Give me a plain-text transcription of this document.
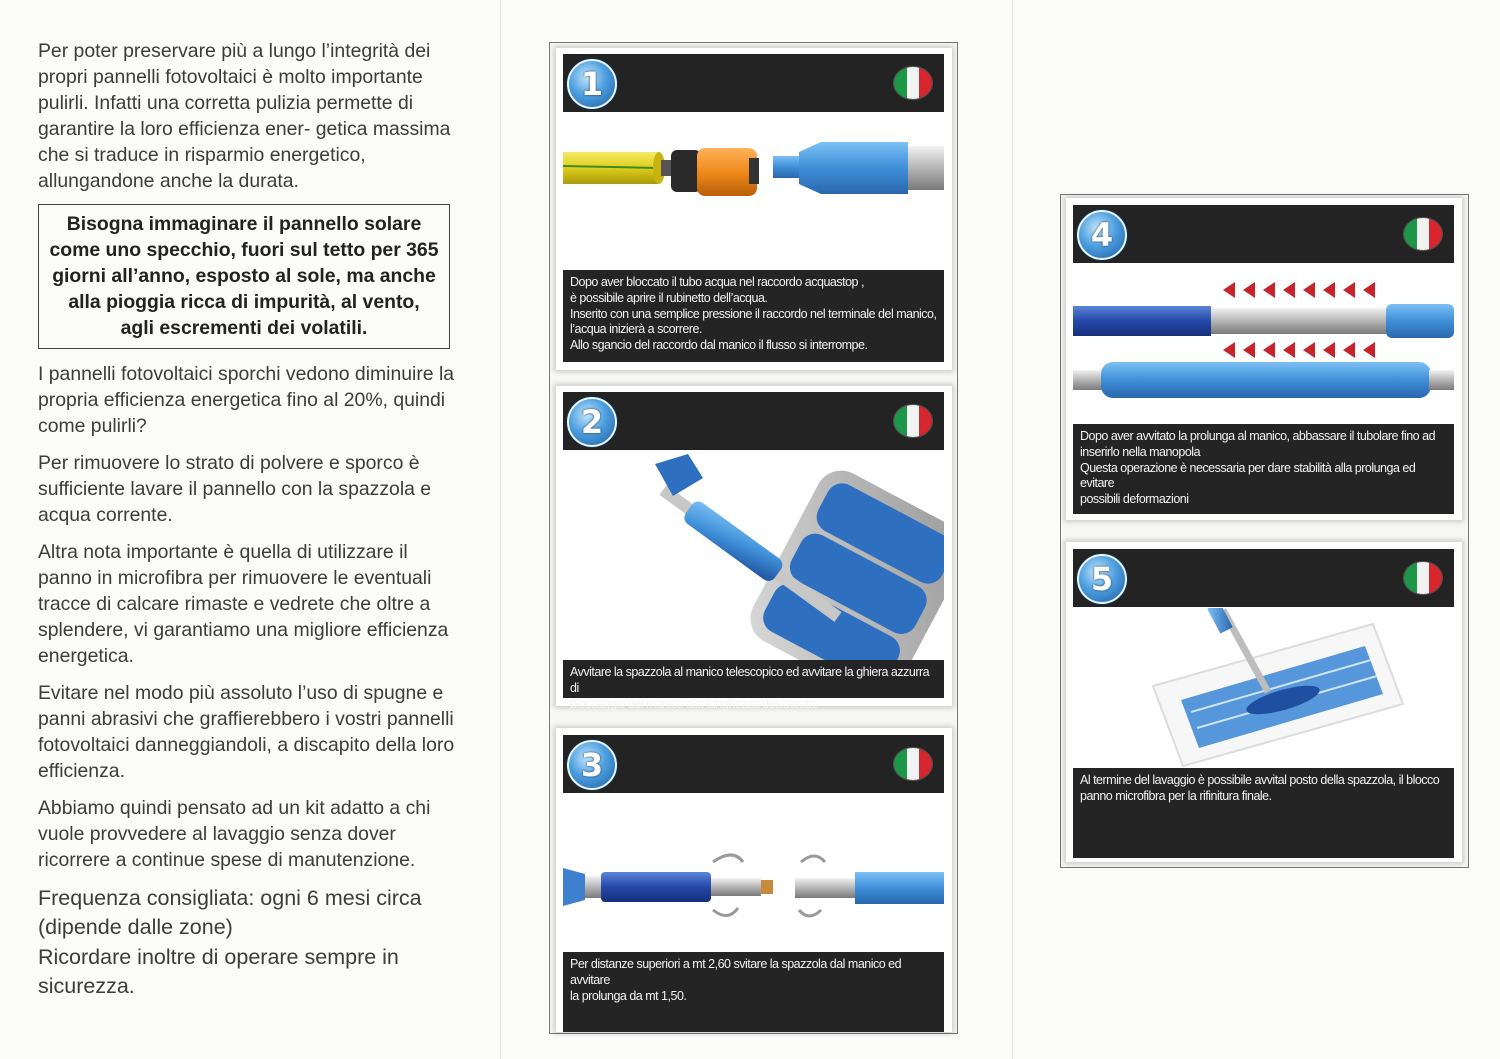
Per poter preservare più a lungo l’integrità dei propri pannelli fotovoltaici è molto importante pulirli. Infatti una corretta pulizia permette di garantire la loro efficienza ener- getica massima che si traduce in risparmio energetico, allungandone anche la durata.

Bisogna immaginare il pannello solare come uno specchio, fuori sul tetto per 365 giorni all’anno, esposto al sole, ma anche alla pioggia ricca di impurità, al vento, agli escrementi dei volatili.

I pannelli fotovoltaici sporchi vedono diminuire la propria efficienza energetica fino al 20%, quindi come pulirli?

Per rimuovere lo strato di polvere e sporco è sufficiente lavare il pannello con la spazzola e acqua corrente.

Altra nota importante è quella di utilizzare il panno in microfibra per rimuovere le eventuali tracce di calcare rimaste e vedrete che oltre a splendere, vi garantiamo una migliore efficienza energetica.

Evitare nel modo più assoluto l’uso di spugne e panni abrasivi che graffierebbero i vostri pannelli fotovoltaici danneggiandoli, a discapito della loro efficienza.

Abbiamo quindi pensato ad un kit adatto a chi vuole provvedere al lavaggio senza dover ricorrere a continue spese di manutenzione.

Frequenza consigliata: ogni 6 mesi circa (dipende dalle zone)
Ricordare inoltre di operare sempre in sicurezza.
1
Dopo aver bloccato il tubo acqua nel raccordo acquastop ,
è possibile aprire il rubinetto dell’acqua.
Inserito con una semplice pressione il raccordo nel terminale del manico,
l’acqua inizierà a scorrere.
Allo sgancio del raccordo dal manico il flusso si interrompe.
2
Avvitare la spazzola al manico telescopico ed avvitare la ghiera azzurra di
bloccaggio del manico alla lunghezza desiderata.
3
Per distanze superiori a mt 2,60 svitare la spazzola dal manico ed avvitare
la prolunga da mt 1,50.
4
Dopo aver avvitato la prolunga al manico, abbassare il tubolare fino ad
inserirlo nella manopola
Questa operazione è necessaria per dare stabilità alla prolunga ed evitare
possibili deformazioni
5
Al termine del lavaggio è possibile avvital posto della spazzola, il blocco
panno microfibra per la rifinitura finale.
